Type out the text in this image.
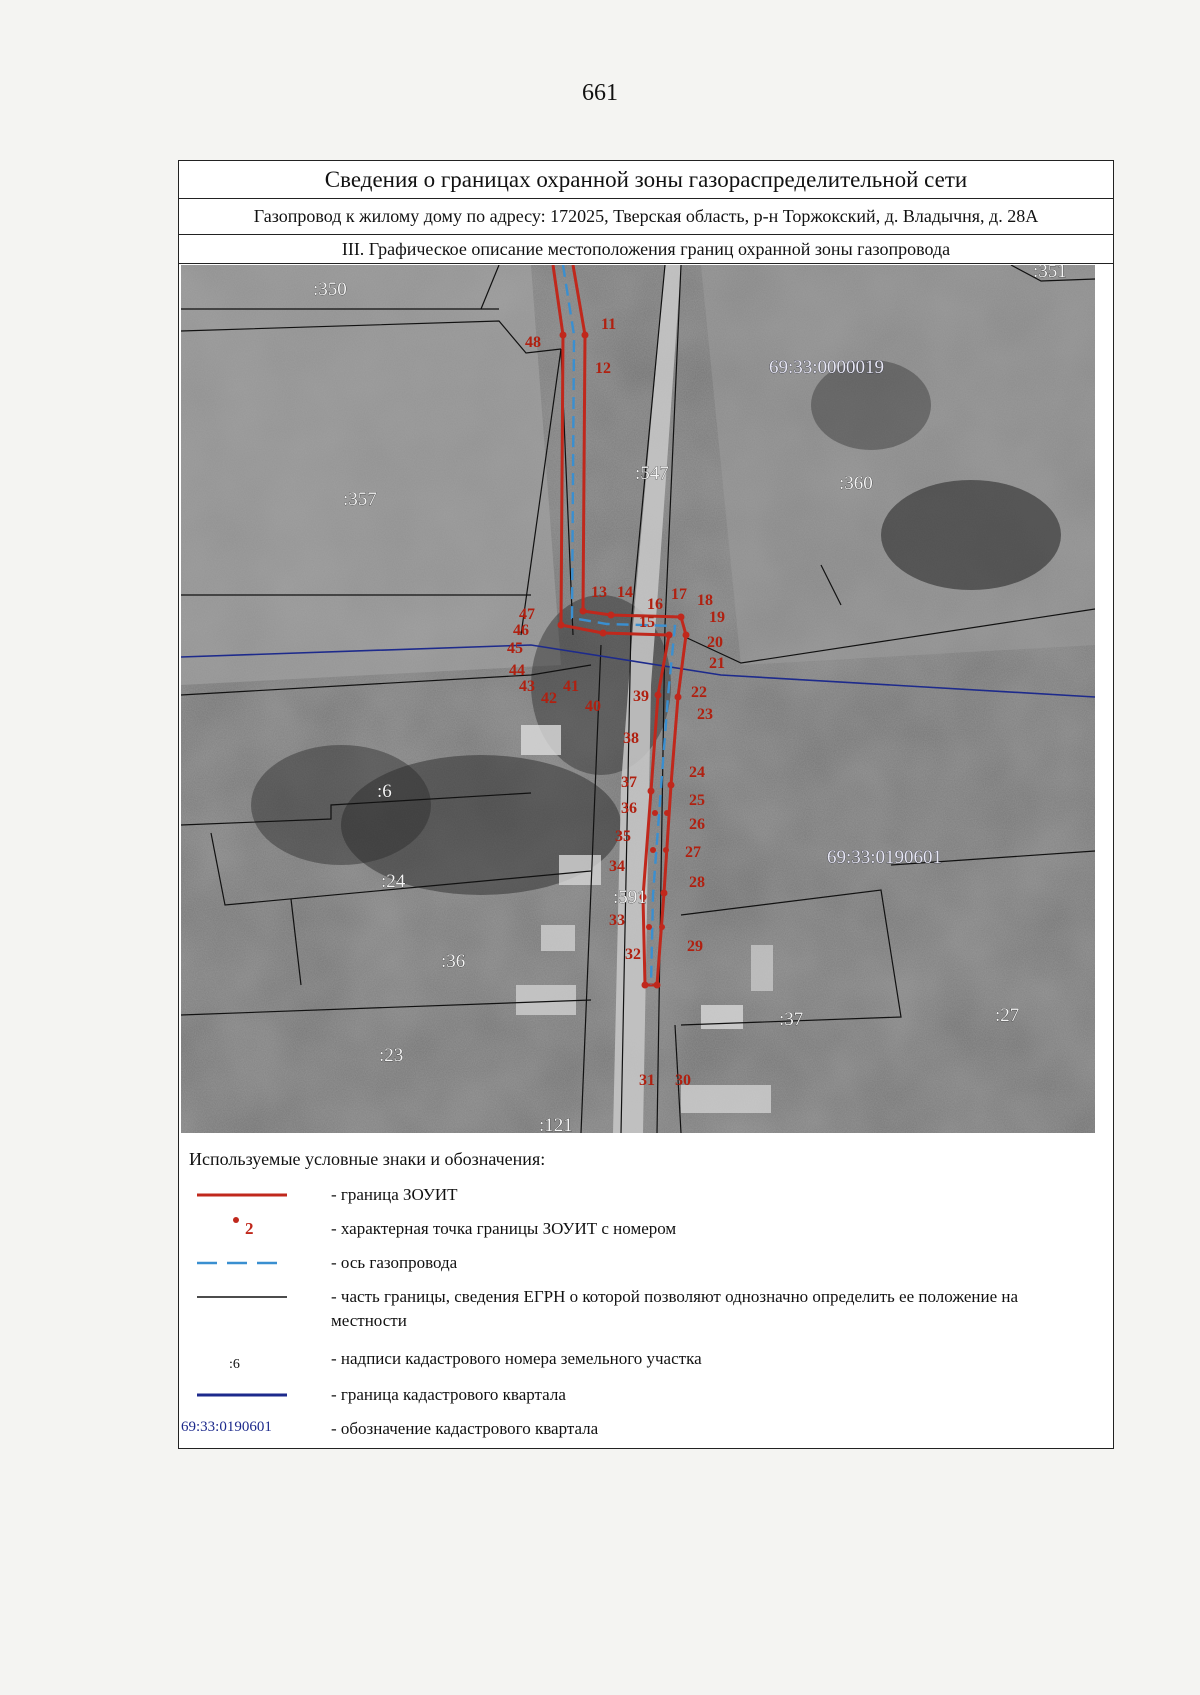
661
Сведения о границах охранной зоны газораспределительной сети
Газопровод к жилому дому по адресу: 172025, Тверская область, р-н Торжокский, д. Владычня, д. 28А
III. Графическое описание местоположения границ охранной зоны газопровода
:350
:357
:547	:360
:6
:24
:36
:23
:591
:37	:27
:121
:351
69:33:0000019
69:33:0190601
11
12
13 14
15
16
17 18
19
20
21
22
23
24
25
26
27
28
29
30
31
32
33
34
35
36
37
38
39
40
41
42
43
44
45
46
47
48
Используемые условные знаки и обозначения:
- граница ЗОУИТ
2	- характерная точка границы ЗОУИТ с номером
- ось газопровода
- часть границы, сведения ЕГРН о которой позволяют однозначно определить ее положение на местности
:6	- надписи кадастрового номера земельного участка
- граница кадастрового квартала
69:33:0190601	- обозначение кадастрового квартала
